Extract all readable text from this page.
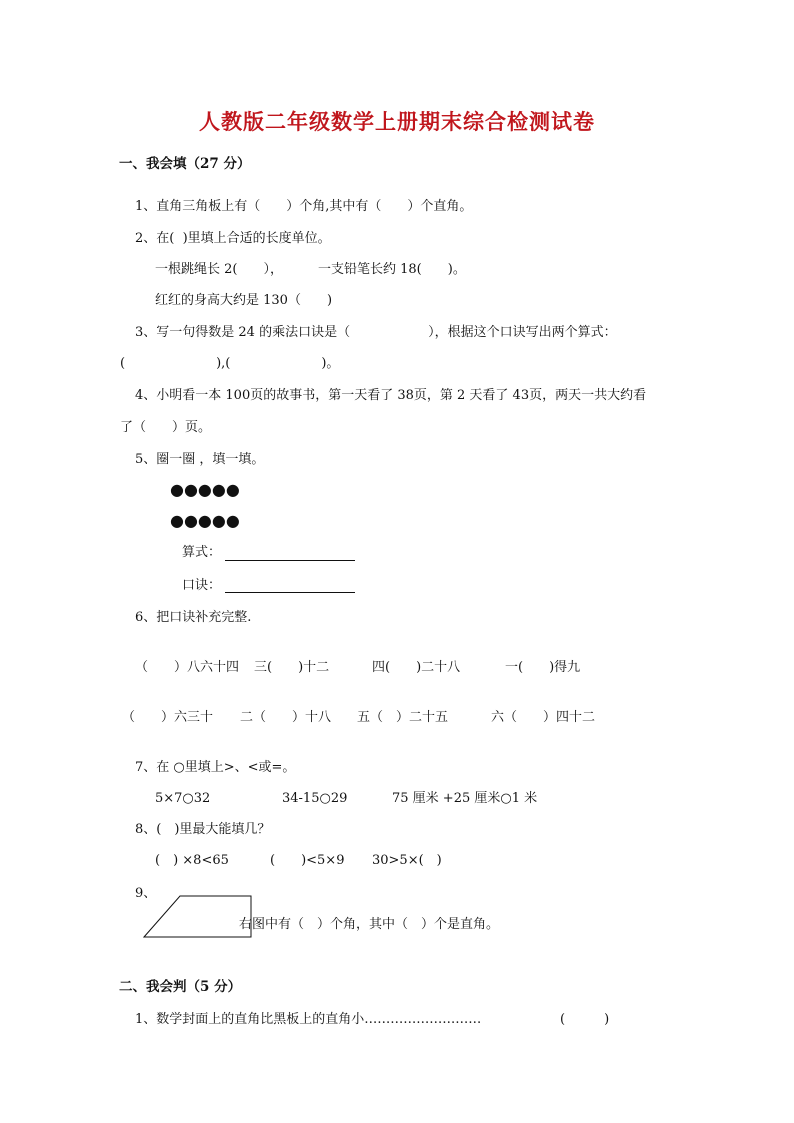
人教版二年级数学上册期末综合检测试卷
一、我会填（27 分）
1、直角三角板上有（　　）个角,其中有（　　）个直角。
2、在(  )里填上合适的长度单位。
一根跳绳长 2(　　），	一支铅笔长约 18(　　)。
红红的身高大约是 130（　　)
3、写一句得数是 24 的乘法口诀是（　　　　　　），根据这个口诀写出两个算式：
(　　　　　　　),(　　　　　　　)。
4、小明看一本 100页的故事书，第一天看了 38页，第 2 天看了 43页，两天一共大约看
了（　　）页。
5、圈一圈 ，填一填。
●●●●●
●●●●●
算式：
口诀：
6、把口诀补充完整.
（　　）八六十四 三(　　)十二	四(　　)二十八	一(　　)得九
（　　）六三十 二（　　）十八 五（　）二十五	六（　　）四十二
7、在 ○里填上>、<或=。
5×7○32	34-15○29	75 厘米 +25 厘米○1 米
8、(　)里最大能填几？
(　) ×8<65	(　　)<5×9 30>5×(　)
9、
右图中有（　）个角，其中（　）个是直角。
二、我会判（5 分）
1、数学封面上的直角比黑板上的直角小………………………	(　　　)
